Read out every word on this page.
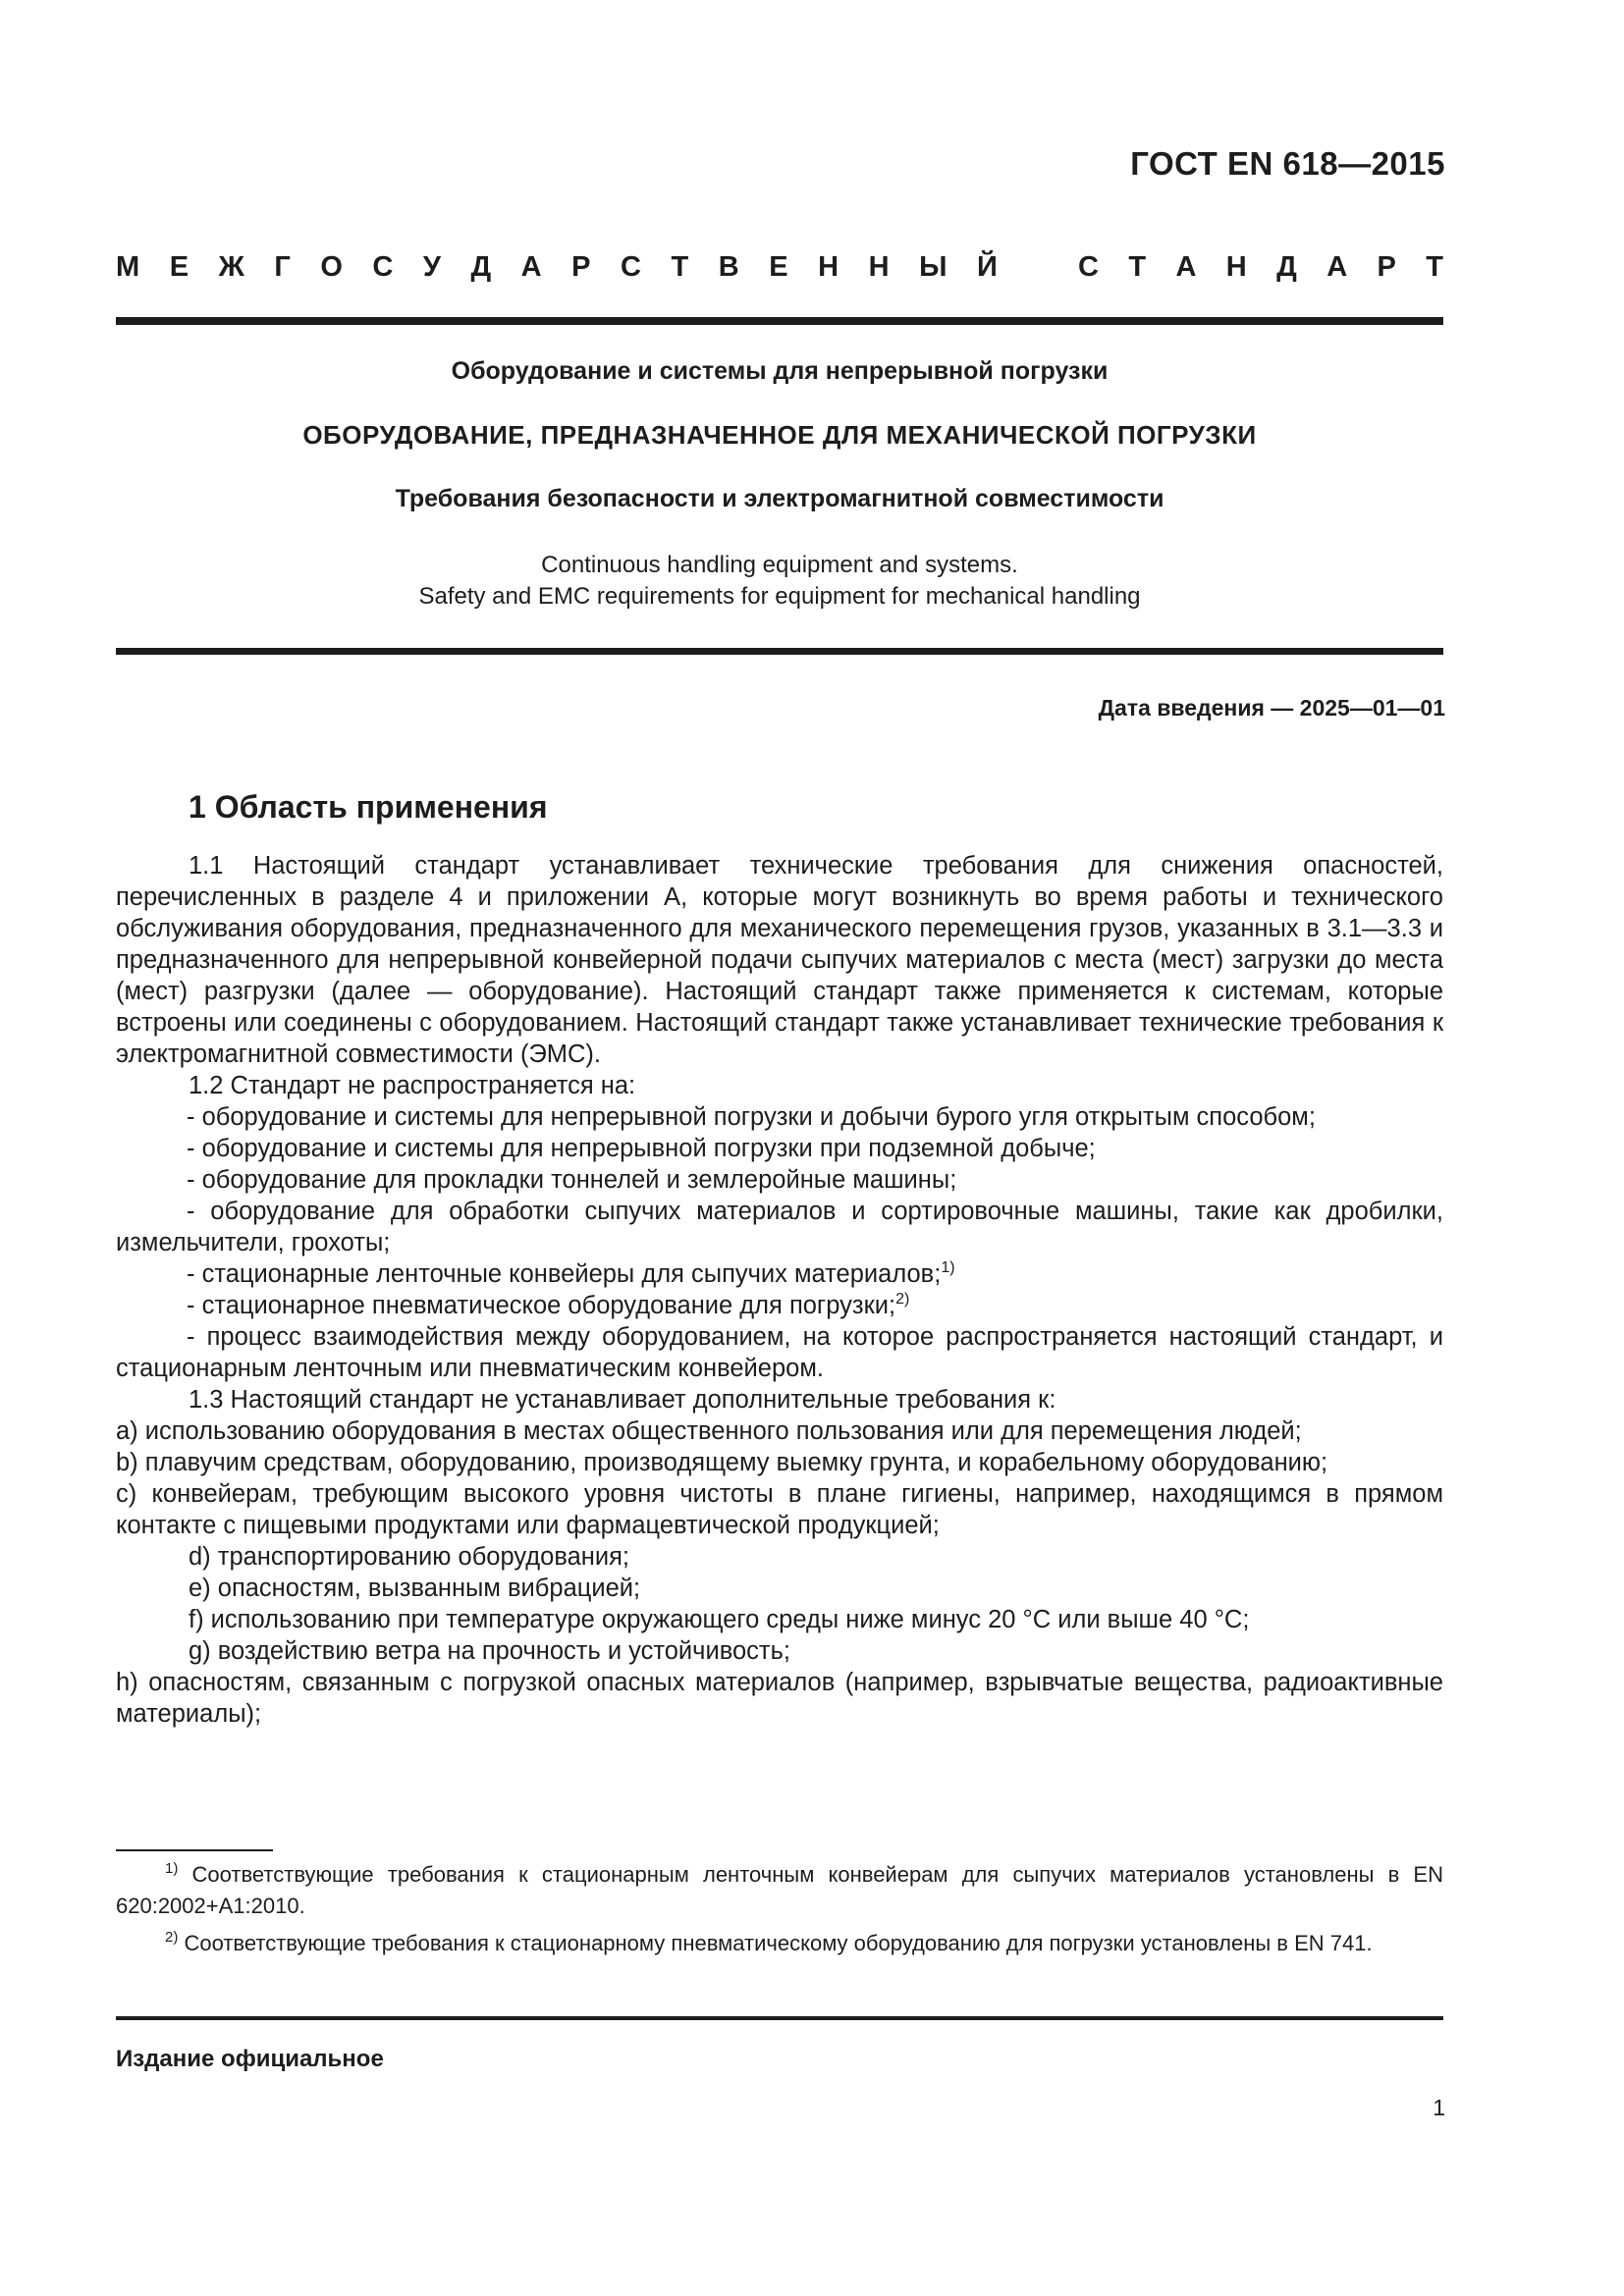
ГОСТ EN 618—2015
М Е Ж Г О С У Д А Р С Т В Е Н Н Ы Й	С Т А Н Д А Р Т
Оборудование и системы для непрерывной погрузки
ОБОРУДОВАНИЕ, ПРЕДНАЗНАЧЕННОЕ ДЛЯ МЕХАНИЧЕСКОЙ ПОГРУЗКИ
Требования безопасности и электромагнитной совместимости
Continuous handling equipment and systems.
Safety and EMC requirements for equipment for mechanical handling
Дата введения — 2025—01—01
1 Область применения

1.1 Настоящий стандарт устанавливает технические требования для снижения опасностей, перечисленных в разделе 4 и приложении А, которые могут возникнуть во время работы и технического обслуживания оборудования, предназначенного для механического перемещения грузов, указанных в 3.1—3.3 и предназначенного для непрерывной конвейерной подачи сыпучих материалов с места (мест) загрузки до места (мест) разгрузки (далее — оборудование). Настоящий стандарт также применяется к системам, которые встроены или соединены с оборудованием. Настоящий стандарт также устанавливает технические требования к электромагнитной совместимости (ЭМС).

1.2 Стандарт не распространяется на:

- оборудование и системы для непрерывной погрузки и добычи бурого угля открытым способом;

- оборудование и системы для непрерывной погрузки при подземной добыче;

- оборудование для прокладки тоннелей и землеройные машины;

- оборудование для обработки сыпучих материалов и сортировочные машины, такие как дробилки, измельчители, грохоты;

- стационарные ленточные конвейеры для сыпучих материалов;$^{1)}$

- стационарное пневматическое оборудование для погрузки;$^{2)}$

- процесс взаимодействия между оборудованием, на которое распространяется настоящий стандарт, и стационарным ленточным или пневматическим конвейером.

1.3 Настоящий стандарт не устанавливает дополнительные требования к:

a) использованию оборудования в местах общественного пользования или для перемещения людей;

b) плавучим средствам, оборудованию, производящему выемку грунта, и корабельному оборудованию;

c) конвейерам, требующим высокого уровня чистоты в плане гигиены, например, находящимся в прямом контакте с пищевыми продуктами или фармацевтической продукцией;

d) транспортированию оборудования;

e) опасностям, вызванным вибрацией;

f) использованию при температуре окружающего среды ниже минус 20 °С или выше 40 °С;

g) воздействию ветра на прочность и устойчивость;

h) опасностям, связанным с погрузкой опасных материалов (например, взрывчатые вещества, радиоактивные материалы);

$^{1)}$ Соответствующие требования к стационарным ленточным конвейерам для сыпучих материалов установлены в EN 620:2002+A1:2010.
$^{2)}$ Соответствующие требования к стационарному пневматическому оборудованию для погрузки установлены в EN 741.
Издание официальное
1
